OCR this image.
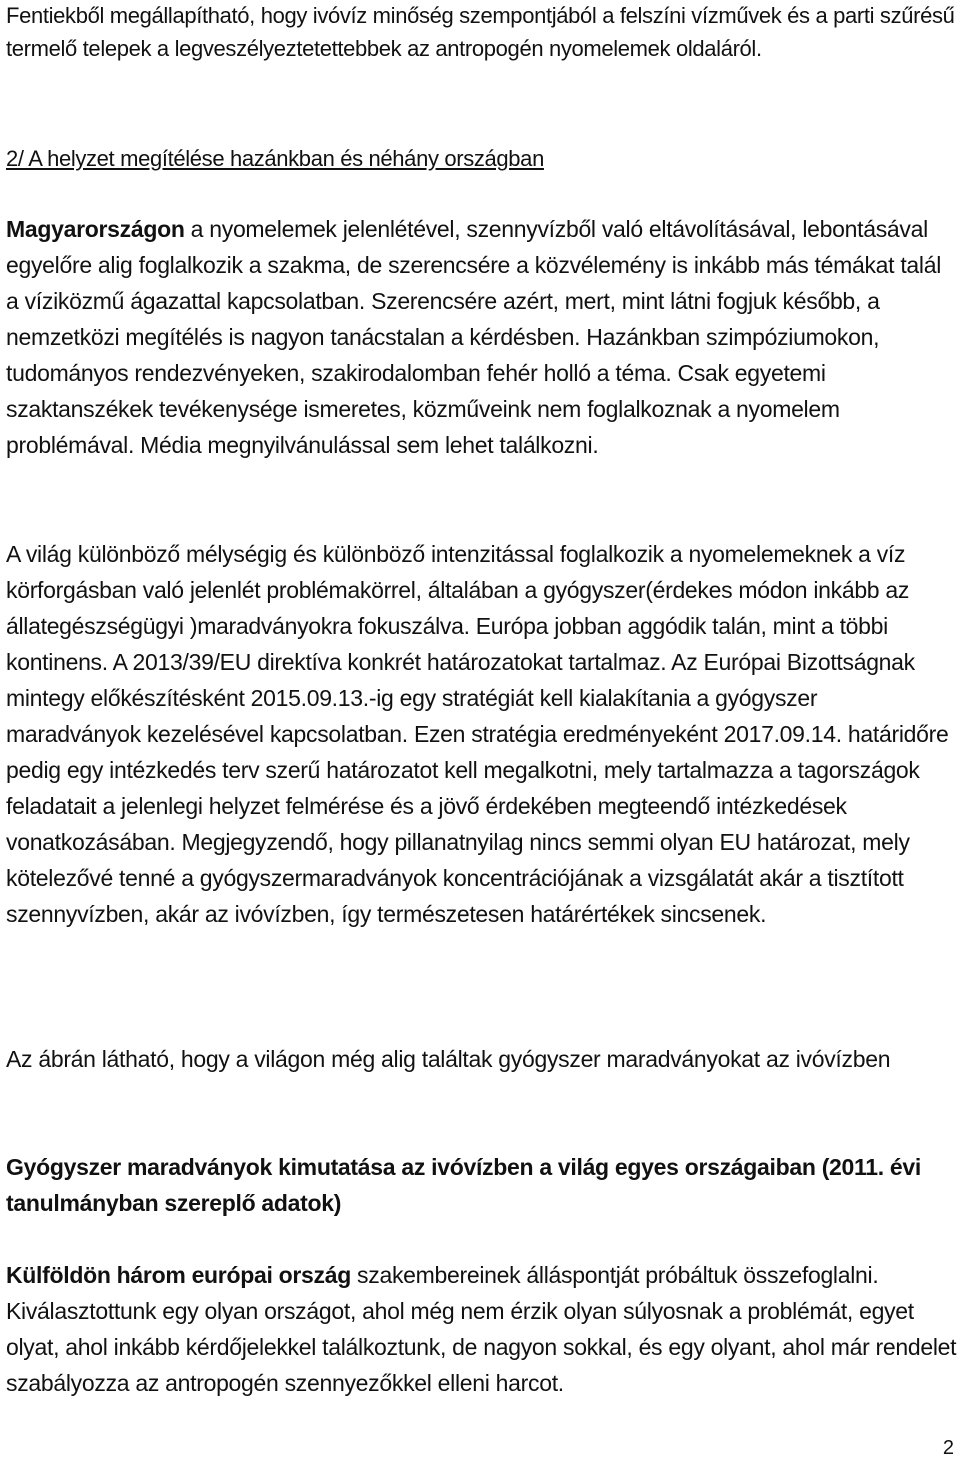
Fentiekből megállapítható, hogy ivóvíz minőség szempontjából a felszíni vízművek és a parti szűrésű termelő telepek a legveszélyeztetettebbek az antropogén nyomelemek oldaláról.

2/ A helyzet megítélése hazánkban és néhány országban

Magyarországon a nyomelemek jelenlétével, szennyvízből való eltávolításával, lebontásával egyelőre alig foglalkozik a szakma, de szerencsére a közvélemény is inkább más témákat talál a víziközmű ágazattal kapcsolatban. Szerencsére azért, mert, mint látni fogjuk később, a nemzetközi megítélés is nagyon tanácstalan a kérdésben. Hazánkban szimpóziumokon, tudományos rendezvényeken, szakirodalomban fehér holló a téma. Csak egyetemi szaktanszékek tevékenysége ismeretes, közműveink nem foglalkoznak a nyomelem problémával. Média megnyilvánulással sem lehet találkozni.

A világ különböző mélységig és különböző intenzitással foglalkozik a nyomelemeknek a víz körforgásban való jelenlét problémakörrel, általában a gyógyszer(érdekes módon inkább az állategészségügyi )maradványokra fokuszálva. Európa jobban aggódik talán, mint a többi kontinens. A 2013/39/EU direktíva konkrét határozatokat tartalmaz. Az Európai Bizottságnak mintegy előkészítésként 2015.09.13.-ig egy stratégiát kell kialakítania a gyógyszer maradványok kezelésével kapcsolatban. Ezen stratégia eredményeként 2017.09.14. határidőre pedig egy intézkedés terv szerű határozatot kell megalkotni, mely tartalmazza a tagországok feladatait a jelenlegi helyzet felmérése és a jövő érdekében megteendő intézkedések vonatkozásában. Megjegyzendő, hogy pillanatnyilag nincs semmi olyan EU határozat, mely kötelezővé tenné a gyógyszermaradványok koncentrációjának a vizsgálatát akár a tisztított szennyvízben, akár az ivóvízben, így természetesen határértékek sincsenek.

Az ábrán látható, hogy a világon még alig találtak gyógyszer maradványokat az ivóvízben

Gyógyszer maradványok kimutatása az ivóvízben a világ egyes országaiban (2011. évi tanulmányban szereplő adatok)

Külföldön három európai ország szakembereinek álláspontját próbáltuk összefoglalni. Kiválasztottunk egy olyan országot, ahol még nem érzik olyan súlyosnak a problémát, egyet olyat, ahol inkább kérdőjelekkel találkoztunk, de nagyon sokkal, és egy olyant, ahol már rendelet szabályozza az antropogén szennyezőkkel elleni harcot.

2
